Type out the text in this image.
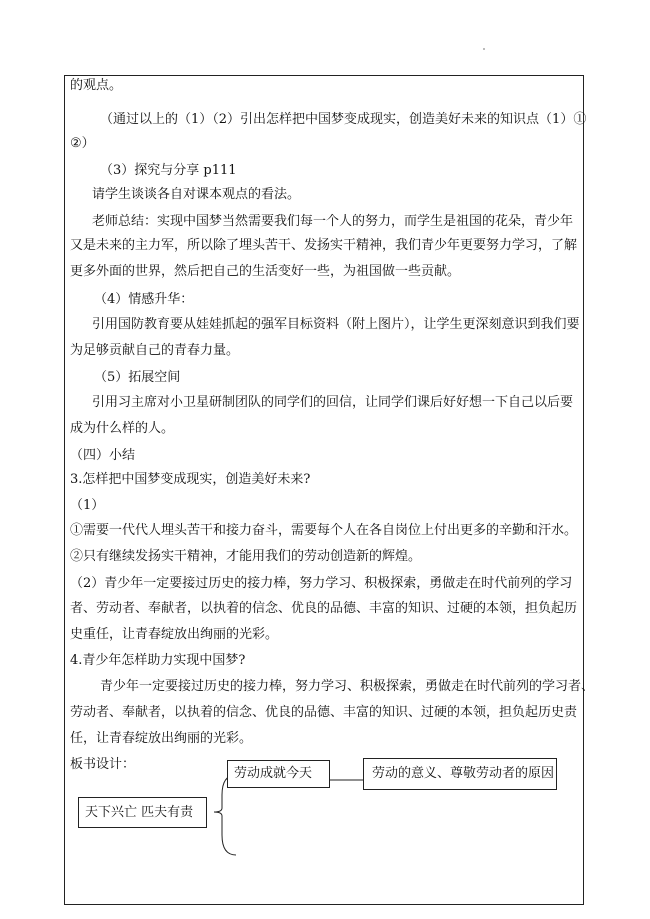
的观点。
（通过以上的（1）（2）引出怎样把中国梦变成现实，创造美好未来的知识点（1）①
②）
（3）探究与分享 p111
请学生谈谈各自对课本观点的看法。
老师总结：实现中国梦当然需要我们每一个人的努力，而学生是祖国的花朵，青少年
又是未来的主力军，所以除了埋头苦干、发扬实干精神，我们青少年更要努力学习，了解
更多外面的世界，然后把自己的生活变好一些，为祖国做一些贡献。
（4）情感升华：
引用国防教育要从娃娃抓起的强军目标资料（附上图片），让学生更深刻意识到我们要
为足够贡献自己的青春力量。
（5）拓展空间
引用习主席对小卫星研制团队的同学们的回信，让同学们课后好好想一下自己以后要
成为什么样的人。
（四）小结
3.怎样把中国梦变成现实，创造美好未来?
（1）
①需要一代代人埋头苦干和接力奋斗，需要每个人在各自岗位上付出更多的辛勤和汗水。
②只有继续发扬实干精神，才能用我们的劳动创造新的辉煌。
（2）青少年一定要接过历史的接力棒，努力学习、积极探索，勇做走在时代前列的学习
者、劳动者、奉献者，以执着的信念、优良的品德、丰富的知识、过硬的本领，担负起历
史重任，让青春绽放出绚丽的光彩。
4.青少年怎样助力实现中国梦?
青少年一定要接过历史的接力棒，努力学习、积极探索，勇做走在时代前列的学习者、
劳动者、奉献者，以执着的信念、优良的品德、丰富的知识、过硬的本领，担负起历史责
任，让青春绽放出绚丽的光彩。
板书设计：
劳动成就今天	劳动的意义、尊敬劳动者的原因
天下兴亡 匹夫有责
